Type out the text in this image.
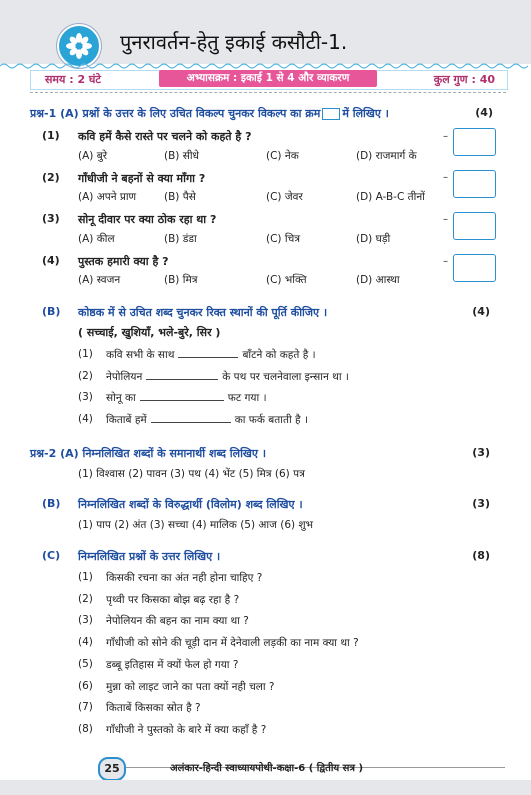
पुनरावर्तन-हेतु इकाई कसौटी-1.
समय : 2 घंटे	अभ्यासक्रम : इकाई 1 से 4 और व्याकरण	कुल गुण : 40
प्रश्न-1 (A) प्रश्नों के उत्तर के लिए उचित विकल्प चुनकर विकल्प का क्रम में लिखिए ।	(4)
(1) कवि हमें कैसे रास्ते पर चलने को कहते है ?
(A) बुरे	(B) सीधे	(C) नेक	(D) राजमार्ग के
–
(2) गाँधीजी ने बहनों से क्या माँगा ?
(A) अपने प्राण	(B) पैसे	(C) जेवर	(D) A-B-C तीनों
–
(3) सोनू दीवार पर क्या ठोक रहा था ?
(A) कील	(B) डंडा	(C) चित्र	(D) घड़ी
–
(4) पुस्तक हमारी क्या है ?
(A) स्वजन	(B) मित्र	(C) भक्ति	(D) आस्था
–
(B) कोष्ठक में से उचित शब्द चुनकर रिक्त स्थानों की पूर्ति कीजिए ।	(4)
( सच्चाई, खुशियाँ, भले-बुरे, सिर )
(1) कवि सभी के साथ	बाँटने को कहते है ।
(2) नेपोलियन	के पथ पर चलनेवाला इन्सान था ।
(3) सोनू का	फट गया ।
(4) किताबें हमें	का फर्क बताती है ।
प्रश्न-2 (A) निम्नलिखित शब्दों के समानार्थी शब्द लिखिए ।	(3)
(1) विश्वास (2) पावन (3) पथ (4) भेंट (5) मित्र (6) पत्र
(B) निम्नलिखित शब्दों के विरुद्धार्थी (विलोम) शब्द लिखिए ।	(3)
(1) पाप (2) अंत (3) सच्चा (4) मालिक (5) आज (6) शुभ
(C) निम्नलिखित प्रश्नों के उत्तर लिखिए ।	(8)
(1) किसकी रचना का अंत नही होना चाहिए ?
(2) पृथ्वी पर किसका बोझ बढ़ रहा है ?
(3) नेपोलियन की बहन का नाम क्या था ?
(4) गाँधीजी को सोने की चूड़ी दान में देनेवाली लड़की का नाम क्या था ?
(5) डब्बू इतिहास में क्यों फेल हो गया ?
(6) मुन्ना को लाइट जाने का पता क्यों नही चला ?
(7) किताबें किसका स्रोत है ?
(8) गाँधीजी ने पुस्तको के बारे में क्या कहाँ है ?
25	अलंकार-हिन्दी स्वाध्यायपोथी-कक्षा-6 ( द्वितीय सत्र )
